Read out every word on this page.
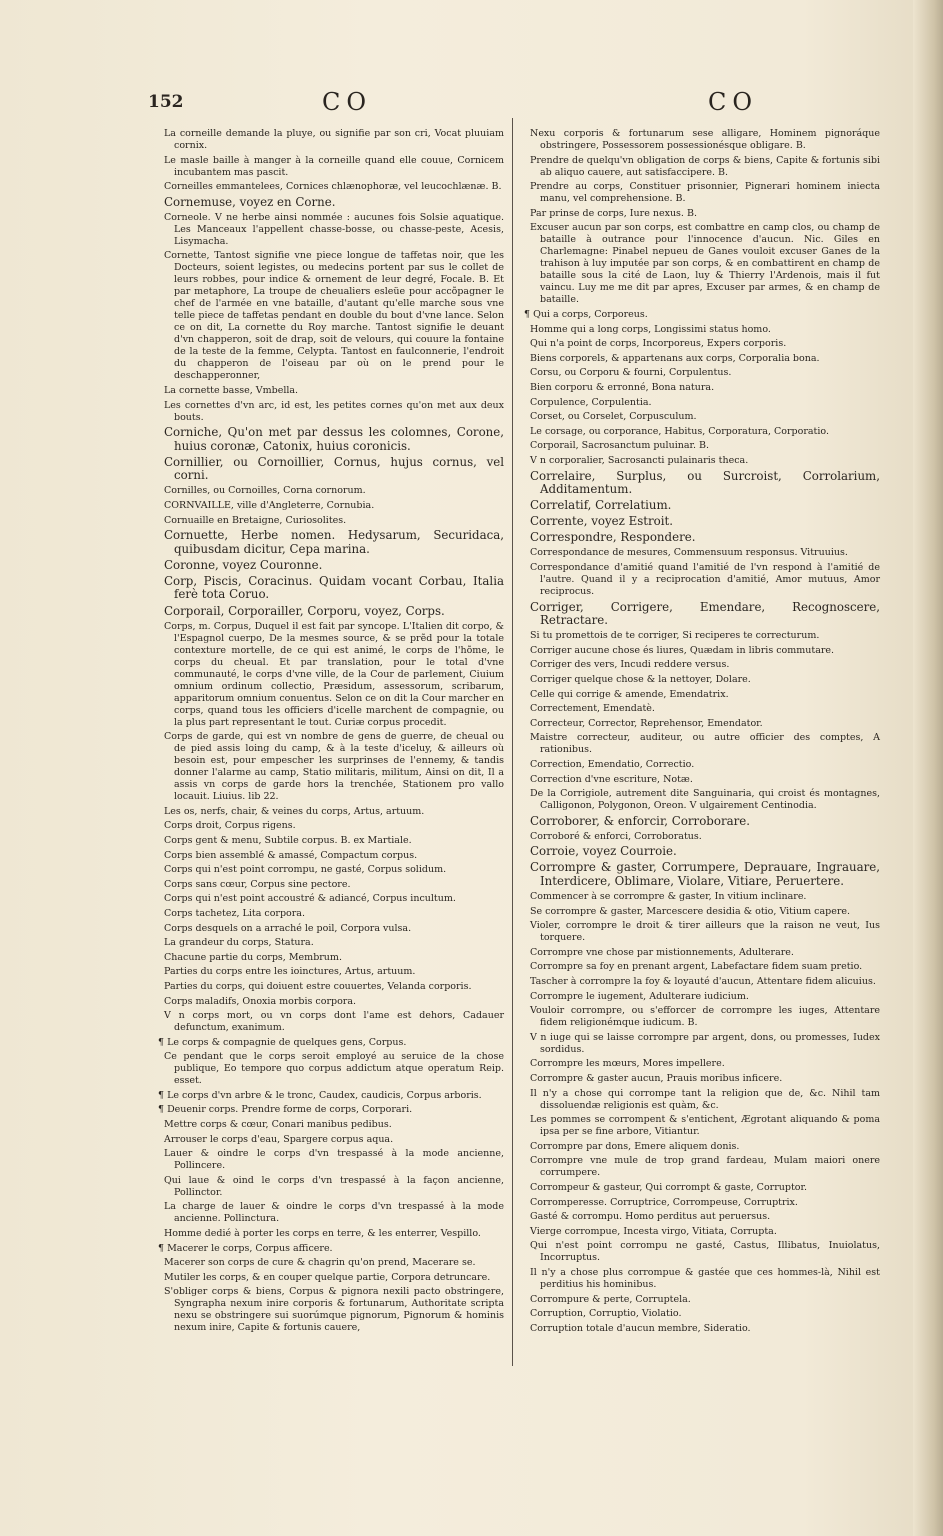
152	CO	CO
La corneille demande la pluye, ou signifie par son cri, Vocat pluuiam cornix.
Le masle baille à manger à la corneille quand elle couue, Cornicem incubantem mas pascit.
Corneilles emmantelees, Cornices chlænophoræ, vel leucochlænæ. B.
Cornemuse, voyez en Corne.
Corneole. V ne herbe ainsi nommée : aucunes fois Solsie aquatique. Les Manceaux l'appellent chasse-bosse, ou chasse-peste, Acesis, Lisymacha.
Cornette, Tantost signifie vne piece longue de taffetas noir, que les Docteurs, soient legistes, ou medecins portent par sus le collet de leurs robbes, pour indice & ornement de leur degré, Focale. B. Et par metaphore, La troupe de cheualiers esleüe pour accõpagner le chef de l'armée en vne bataille, d'autant qu'elle marche sous vne telle piece de taffetas pendant en double du bout d'vne lance. Selon ce on dit, La cornette du Roy marche. Tantost signifie le deuant d'vn chapperon, soit de drap, soit de velours, qui couure la fontaine de la teste de la femme, Celypta. Tantost en faulconnerie, l'endroit du chapperon de l'oiseau par où on le prend pour le deschapperonner,
La cornette basse, Vmbella.
Les cornettes d'vn arc, id est, les petites cornes qu'on met aux deux bouts.
Corniche, Qu'on met par dessus les colomnes, Corone, huius coronæ, Catonix, huius coronicis.
Cornillier, ou Cornoillier, Cornus, hujus cornus, vel corni.
Cornilles, ou Cornoilles, Corna cornorum.
CORNVAILLE, ville d'Angleterre, Cornubia.
Cornuaille en Bretaigne, Curiosolites.
Cornuette, Herbe nomen. Hedysarum, Securidaca, quibusdam dicitur, Cepa marina.
Coronne, voyez Couronne.
Corp, Piscis, Coracinus. Quidam vocant Corbau, Italia ferè tota Coruo.
Corporail, Corporailler, Corporu, voyez, Corps.
Corps, m. Corpus, Duquel il est fait par syncope. L'Italien dit corpo, & l'Espagnol cuerpo, De la mesmes source, & se prẽd pour la totale contexture mortelle, de ce qui est animé, le corps de l'hõme, le corps du cheual. Et par translation, pour le total d'vne communauté, le corps d'vne ville, de la Cour de parlement, Ciuium omnium ordinum collectio, Præsidum, assessorum, scribarum, apparitorum omnium conuentus. Selon ce on dit la Cour marcher en corps, quand tous les officiers d'icelle marchent de compagnie, ou la plus part representant le tout. Curiæ corpus procedit.
Corps de garde, qui est vn nombre de gens de guerre, de cheual ou de pied assis loing du camp, & à la teste d'iceluy, & ailleurs où besoin est, pour empescher les surprinses de l'ennemy, & tandis donner l'alarme au camp, Statio militaris, militum, Ainsi on dit, Il a assis vn corps de garde hors la trenchée, Stationem pro vallo locauit. Liuius. lib 22.
Les os, nerfs, chair, & veines du corps, Artus, artuum.
Corps droit, Corpus rigens.
Corps gent & menu, Subtile corpus. B. ex Martiale.
Corps bien assemblé & amassé, Compactum corpus.
Corps qui n'est point corrompu, ne gasté, Corpus solidum.
Corps sans cœur, Corpus sine pectore.
Corps qui n'est point accoustré & adiancé, Corpus incultum.
Corps tachetez, Lita corpora.
Corps desquels on a arraché le poil, Corpora vulsa.
La grandeur du corps, Statura.
Chacune partie du corps, Membrum.
Parties du corps entre les ioinctures, Artus, artuum.
Parties du corps, qui doiuent estre couuertes, Velanda corporis.
Corps maladifs, Onoxia morbis corpora.
V n corps mort, ou vn corps dont l'ame est dehors, Cadauer defunctum, exanimum.
¶ Le corps & compagnie de quelques gens, Corpus.
Ce pendant que le corps seroit employé au seruice de la chose publique, Eo tempore quo corpus addictum atque operatum Reip. esset.
¶ Le corps d'vn arbre & le tronc, Caudex, caudicis, Corpus arboris.
¶ Deuenir corps. Prendre forme de corps, Corporari.
Mettre corps & cœur, Conari manibus pedibus.
Arrouser le corps d'eau, Spargere corpus aqua.
Lauer & oindre le corps d'vn trespassé à la mode ancienne, Pollincere.
Qui laue & oind le corps d'vn trespassé à la façon ancienne, Pollinctor.
La charge de lauer & oindre le corps d'vn trespassé à la mode ancienne. Pollinctura.
Homme dedié à porter les corps en terre, & les enterrer, Vespillo.
¶ Macerer le corps, Corpus afficere.
Macerer son corps de cure & chagrin qu'on prend, Macerare se.
Mutiler les corps, & en couper quelque partie, Corpora detruncare.
S'obliger corps & biens, Corpus & pignora nexili pacto obstringere, Syngrapha nexum inire corporis & fortunarum, Authoritate scripta nexu se obstringere sui suorúmque pignorum, Pignorum & hominis nexum inire, Capite & fortunis cauere,
Nexu corporis & fortunarum sese alligare, Hominem pignoráque obstringere, Possessorem possessionésque obligare. B.
Prendre de quelqu'vn obligation de corps & biens, Capite & fortunis sibi ab aliquo cauere, aut satisfaccipere. B.
Prendre au corps, Constituer prisonnier, Pignerari hominem iniecta manu, vel comprehensione. B.
Par prinse de corps, Iure nexus. B.
Excuser aucun par son corps, est combattre en camp clos, ou champ de bataille à outrance pour l'innocence d'aucun. Nic. Giles en Charlemagne: Pinabel nepueu de Ganes vouloit excuser Ganes de la trahison à luy imputée par son corps, & en combattirent en champ de bataille sous la cité de Laon, luy & Thierry l'Ardenois, mais il fut vaincu. Luy me me dit par apres, Excuser par armes, & en champ de bataille.
¶ Qui a corps, Corporeus.
Homme qui a long corps, Longissimi status homo.
Qui n'a point de corps, Incorporeus, Expers corporis.
Biens corporels, & appartenans aux corps, Corporalia bona.
Corsu, ou Corporu & fourni, Corpulentus.
Bien corporu & erronné, Bona natura.
Corpulence, Corpulentia.
Corset, ou Corselet, Corpusculum.
Le corsage, ou corporance, Habitus, Corporatura, Corporatio.
Corporail, Sacrosanctum puluinar. B.
V n corporalier, Sacrosancti pulainaris theca.
Correlaire, Surplus, ou Surcroist, Corrolarium, Additamentum.
Correlatif, Correlatium.
Corrente, voyez Estroit.
Correspondre, Respondere.
Correspondance de mesures, Commensuum responsus. Vitruuius.
Correspondance d'amitié quand l'amitié de l'vn respond à l'amitié de l'autre. Quand il y a reciprocation d'amitié, Amor mutuus, Amor reciprocus.
Corriger, Corrigere, Emendare, Recognoscere, Retractare.
Si tu promettois de te corriger, Si reciperes te correcturum.
Corriger aucune chose és liures, Quædam in libris commutare.
Corriger des vers, Incudi reddere versus.
Corriger quelque chose & la nettoyer, Dolare.
Celle qui corrige & amende, Emendatrix.
Correctement, Emendatè.
Correcteur, Corrector, Reprehensor, Emendator.
Maistre correcteur, auditeur, ou autre officier des comptes, A rationibus.
Correction, Emendatio, Correctio.
Correction d'vne escriture, Notæ.
De la Corrigiole, autrement dite Sanguinaria, qui croist és montagnes, Calligonon, Polygonon, Oreon. V ulgairement Centinodia.
Corroborer, & enforcir, Corroborare.
Corroboré & enforci, Corroboratus.
Corroie, voyez Courroie.
Corrompre & gaster, Corrumpere, Deprauare, Ingrauare, Interdicere, Oblimare, Violare, Vitiare, Peruertere.
Commencer à se corrompre & gaster, In vitium inclinare.
Se corrompre & gaster, Marcescere desidia & otio, Vitium capere.
Violer, corrompre le droit & tirer ailleurs que la raison ne veut, Ius torquere.
Corrompre vne chose par mistionnements, Adulterare.
Corrompre sa foy en prenant argent, Labefactare fidem suam pretio.
Tascher à corrompre la foy & loyauté d'aucun, Attentare fidem alicuius.
Corrompre le iugement, Adulterare iudicium.
Vouloir corrompre, ou s'efforcer de corrompre les iuges, Attentare fidem religionémque iudicum. B.
V n iuge qui se laisse corrompre par argent, dons, ou promesses, Iudex sordidus.
Corrompre les mœurs, Mores impellere.
Corrompre & gaster aucun, Prauis moribus inficere.
Il n'y a chose qui corrompe tant la religion que de, &c. Nihil tam dissoluendæ religionis est quàm, &c.
Les pommes se corrompent & s'entichent, Ægrotant aliquando & poma ipsa per se fine arbore, Vitiantur.
Corrompre par dons, Emere aliquem donis.
Corrompre vne mule de trop grand fardeau, Mulam maiori onere corrumpere.
Corrompeur & gasteur, Qui corrompt & gaste, Corruptor.
Corromperesse. Corruptrice, Corrompeuse, Corruptrix.
Gasté & corrompu. Homo perditus aut peruersus.
Vierge corrompue, Incesta virgo, Vitiata, Corrupta.
Qui n'est point corrompu ne gasté, Castus, Illibatus, Inuiolatus, Incorruptus.
Il n'y a chose plus corrompue & gastée que ces hommes-là, Nihil est perditius his hominibus.
Corrompure & perte, Corruptela.
Corruption, Corruptio, Violatio.
Corruption totale d'aucun membre, Sideratio.
